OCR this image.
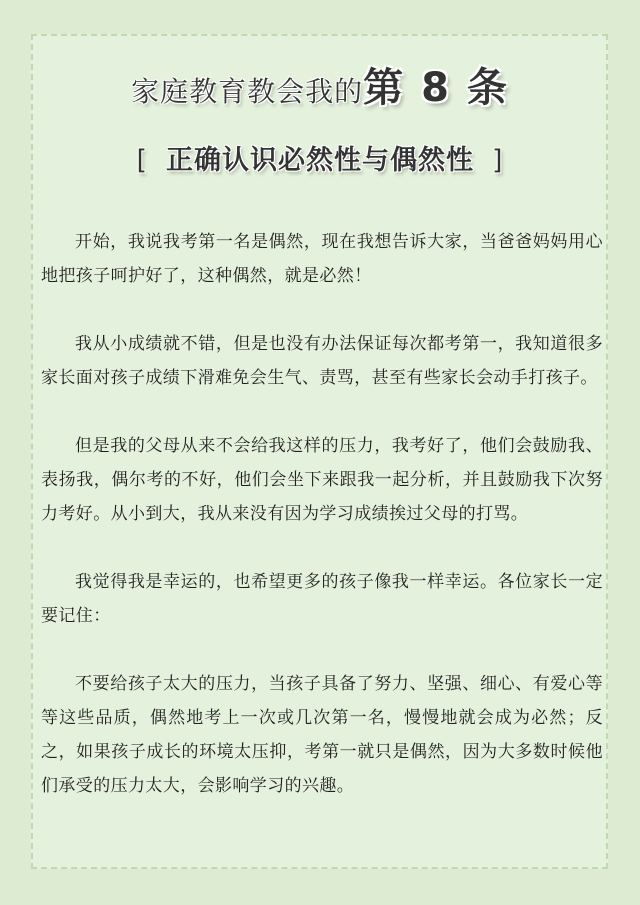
家庭教育教会我的第 8 条
[ 正确认识必然性与偶然性 ]

开始，我说我考第一名是偶然，现在我想告诉大家，当爸爸妈妈用心地把孩子呵护好了，这种偶然，就是必然！

我从小成绩就不错，但是也没有办法保证每次都考第一，我知道很多家长面对孩子成绩下滑难免会生气、责骂，甚至有些家长会动手打孩子。

但是我的父母从来不会给我这样的压力，我考好了，他们会鼓励我、表扬我，偶尔考的不好，他们会坐下来跟我一起分析，并且鼓励我下次努力考好。从小到大，我从来没有因为学习成绩挨过父母的打骂。

我觉得我是幸运的，也希望更多的孩子像我一样幸运。各位家长一定要记住：

不要给孩子太大的压力，当孩子具备了努力、坚强、细心、有爱心等等这些品质，偶然地考上一次或几次第一名，慢慢地就会成为必然；反之，如果孩子成长的环境太压抑，考第一就只是偶然，因为大多数时候他们承受的压力太大，会影响学习的兴趣。
